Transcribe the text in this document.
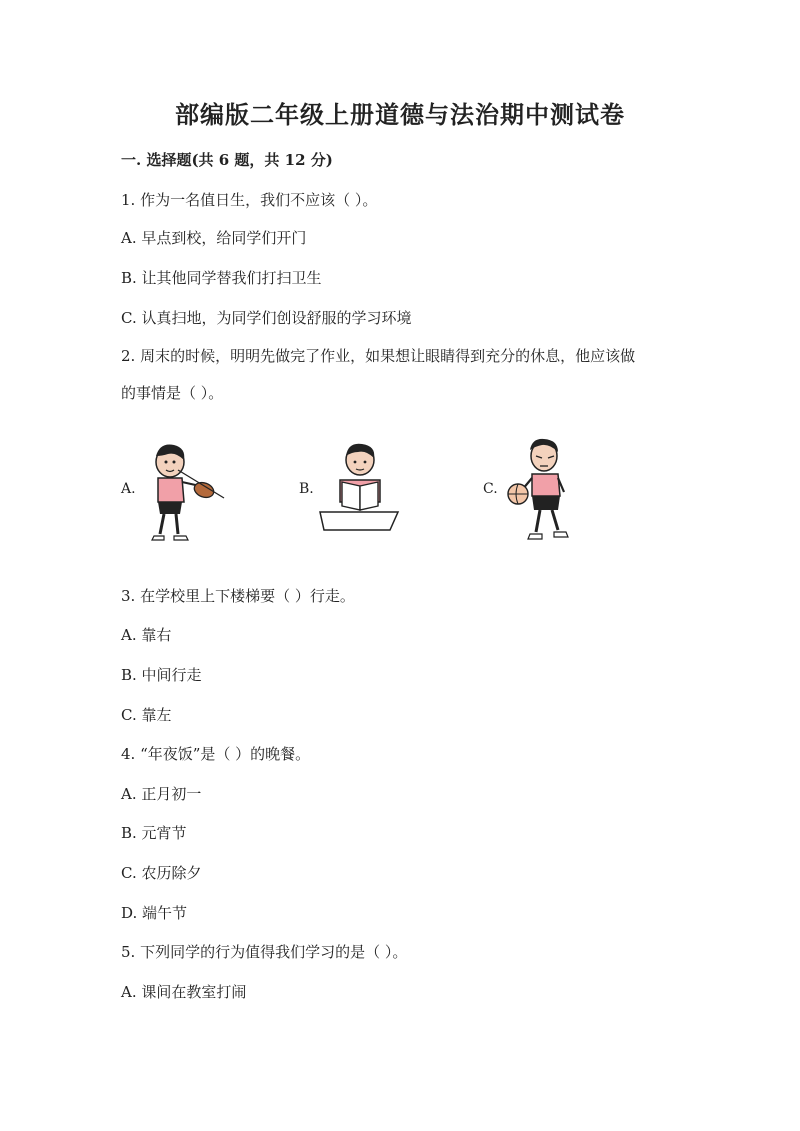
部编版二年级上册道德与法治期中测试卷
一. 选择题(共 6 题，共 12 分)
1. 作为一名值日生，我们不应该（ ）。
A. 早点到校，给同学们开门
B. 让其他同学替我们打扫卫生
C. 认真扫地，为同学们创设舒服的学习环境
2. 周末的时候，明明先做完了作业，如果想让眼睛得到充分的休息，他应该做
的事情是（ ）。
A.	B.	C.
3. 在学校里上下楼梯要（ ）行走。
A. 靠右
B. 中间行走
C. 靠左
4. “年夜饭”是（ ）的晚餐。
A. 正月初一
B. 元宵节
C. 农历除夕
D. 端午节
5. 下列同学的行为值得我们学习的是（ ）。
A. 课间在教室打闹
